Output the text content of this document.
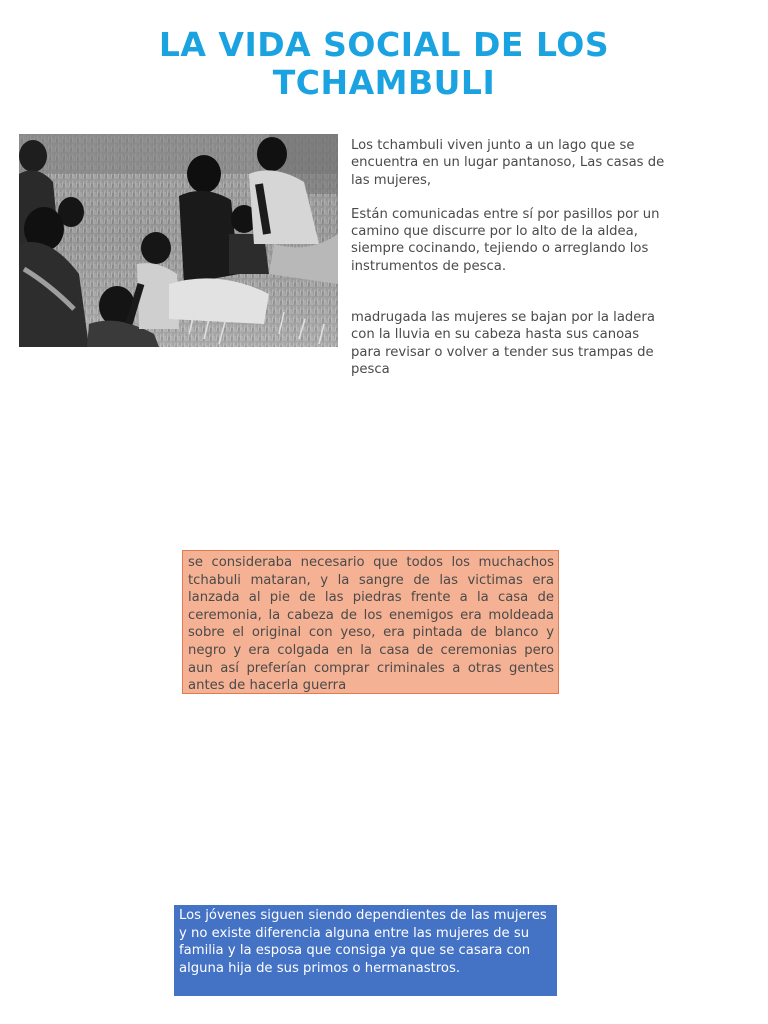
LA VIDA SOCIAL DE LOS
TCHAMBULI

Los tchambuli viven junto a un lago que se encuentra en un lugar pantanoso, Las casas de las mujeres,

Están comunicadas entre sí por pasillos por un camino que discurre por lo alto de la aldea, siempre cocinando, tejiendo o arreglando los instrumentos de pesca.

madrugada las mujeres se bajan por la ladera con la lluvia en su cabeza hasta sus canoas para revisar o volver a tender sus trampas de pesca

se consideraba necesario que todos los muchachos tchabuli mataran, y la sangre de las victimas era lanzada al pie de las piedras frente a la casa de ceremonia, la cabeza de los enemigos era moldeada sobre el original con yeso, era pintada de blanco y negro y era colgada en la casa de ceremonias pero aun así preferían comprar criminales a otras gentes antes de hacerla guerra
Los jóvenes siguen siendo dependientes de las mujeres y no existe diferencia alguna entre las mujeres de su familia y la esposa que consiga ya que se casara con alguna hija de sus primos o hermanastros.
